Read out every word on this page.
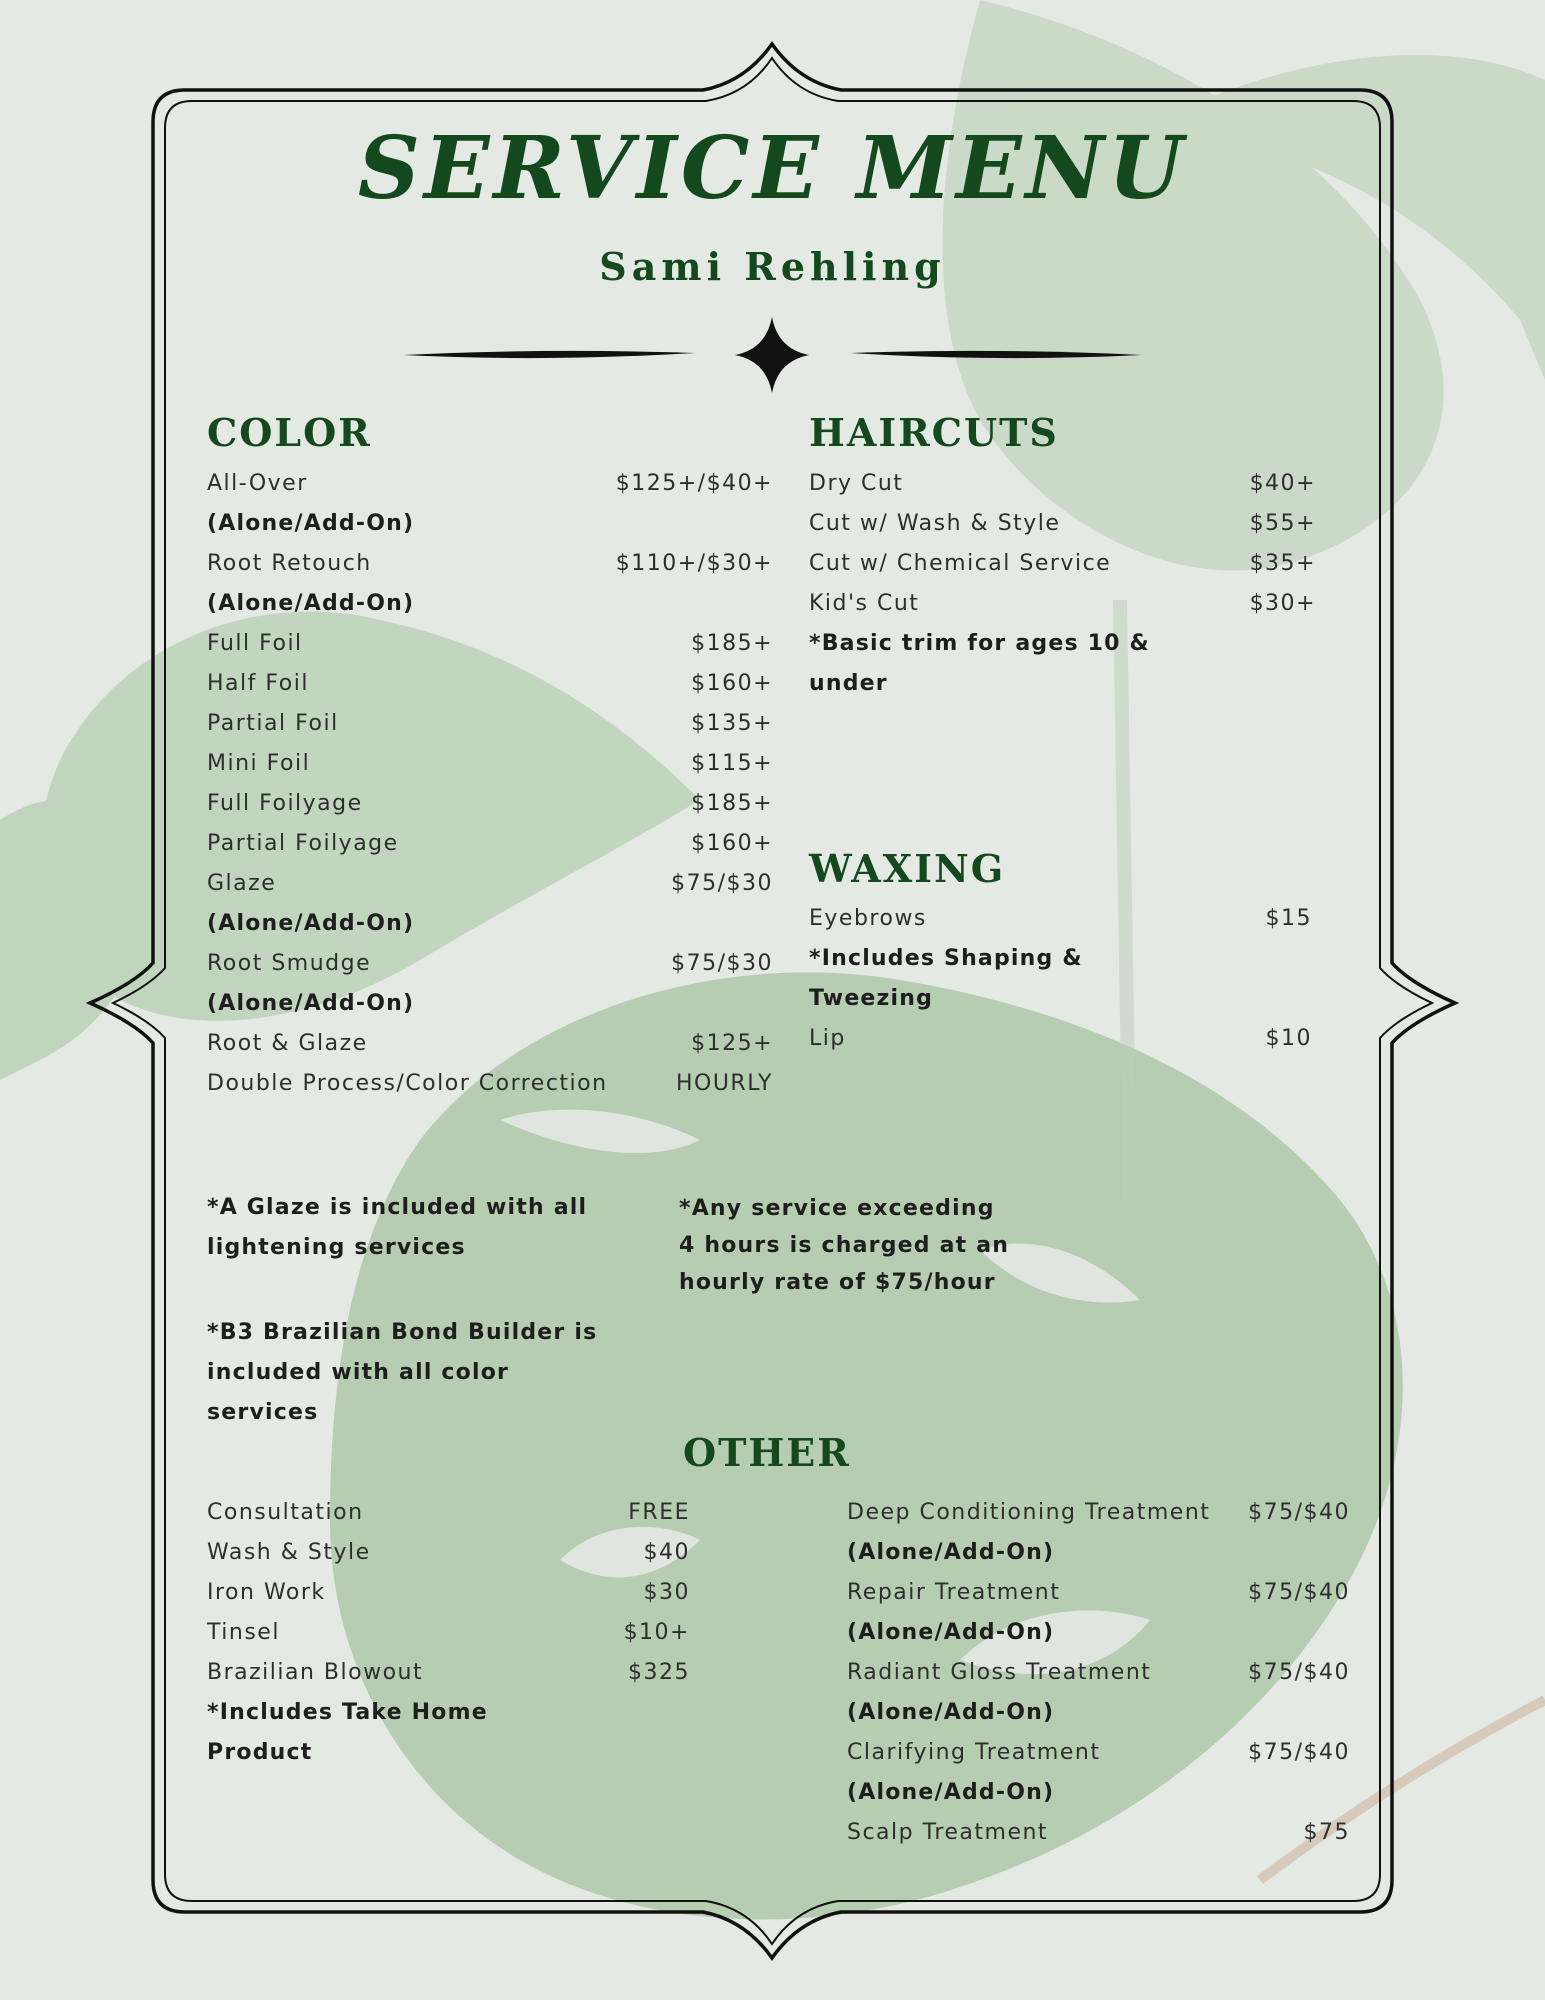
SERVICE MENU
Sami Rehling
COLOR
All-Over	$125+/$40+
(Alone/Add-On)
Root Retouch	$110+/$30+
(Alone/Add-On)
Full Foil	$185+
Half Foil	$160+
Partial Foil	$135+
Mini Foil	$115+
Full Foilyage	$185+
Partial Foilyage	$160+
Glaze	$75/$30
(Alone/Add-On)
Root Smudge	$75/$30
(Alone/Add-On)
Root & Glaze	$125+
Double Process/Color Correction	HOURLY
HAIRCUTS
Dry Cut	$40+
Cut w/ Wash & Style	$55+
Cut w/ Chemical Service	$35+
Kid's Cut	$30+
*Basic trim for ages 10 &
under
WAXING
Eyebrows	$15
*Includes Shaping &
Tweezing
Lip	$10
*A Glaze is included with all
lightening services
*B3 Brazilian Bond Builder is
included with all color
services
*Any service exceeding
4 hours is charged at an
hourly rate of $75/hour
OTHER
Consultation	FREE
Wash & Style	$40
Iron Work	$30
Tinsel	$10+
Brazilian Blowout	$325
*Includes Take Home
Product
Deep Conditioning Treatment $75/$40
(Alone/Add-On)
Repair Treatment	$75/$40
(Alone/Add-On)
Radiant Gloss Treatment	$75/$40
(Alone/Add-On)
Clarifying Treatment	$75/$40
(Alone/Add-On)
Scalp Treatment	$75
